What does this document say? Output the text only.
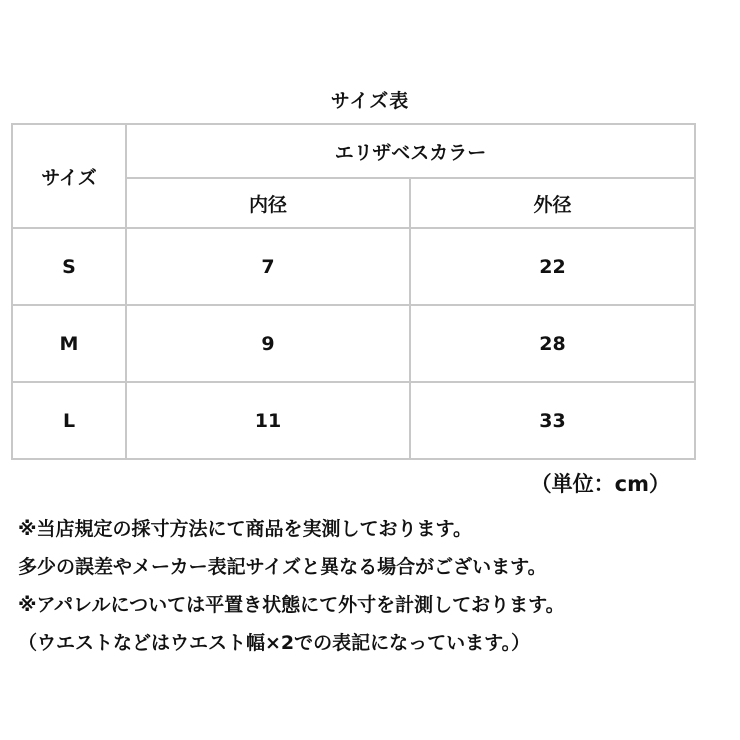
サイズ表
サイズ	エリザベスカラー	
	内径	外径
S	7	22
M	9	28
L	11	33
（単位：cm）
※当店規定の採寸方法にて商品を実測しております。
多少の誤差やメーカー表記サイズと異なる場合がございます。
※アパレルについては平置き状態にて外寸を計測しております。
（ウエストなどはウエスト幅×2での表記になっています。）
